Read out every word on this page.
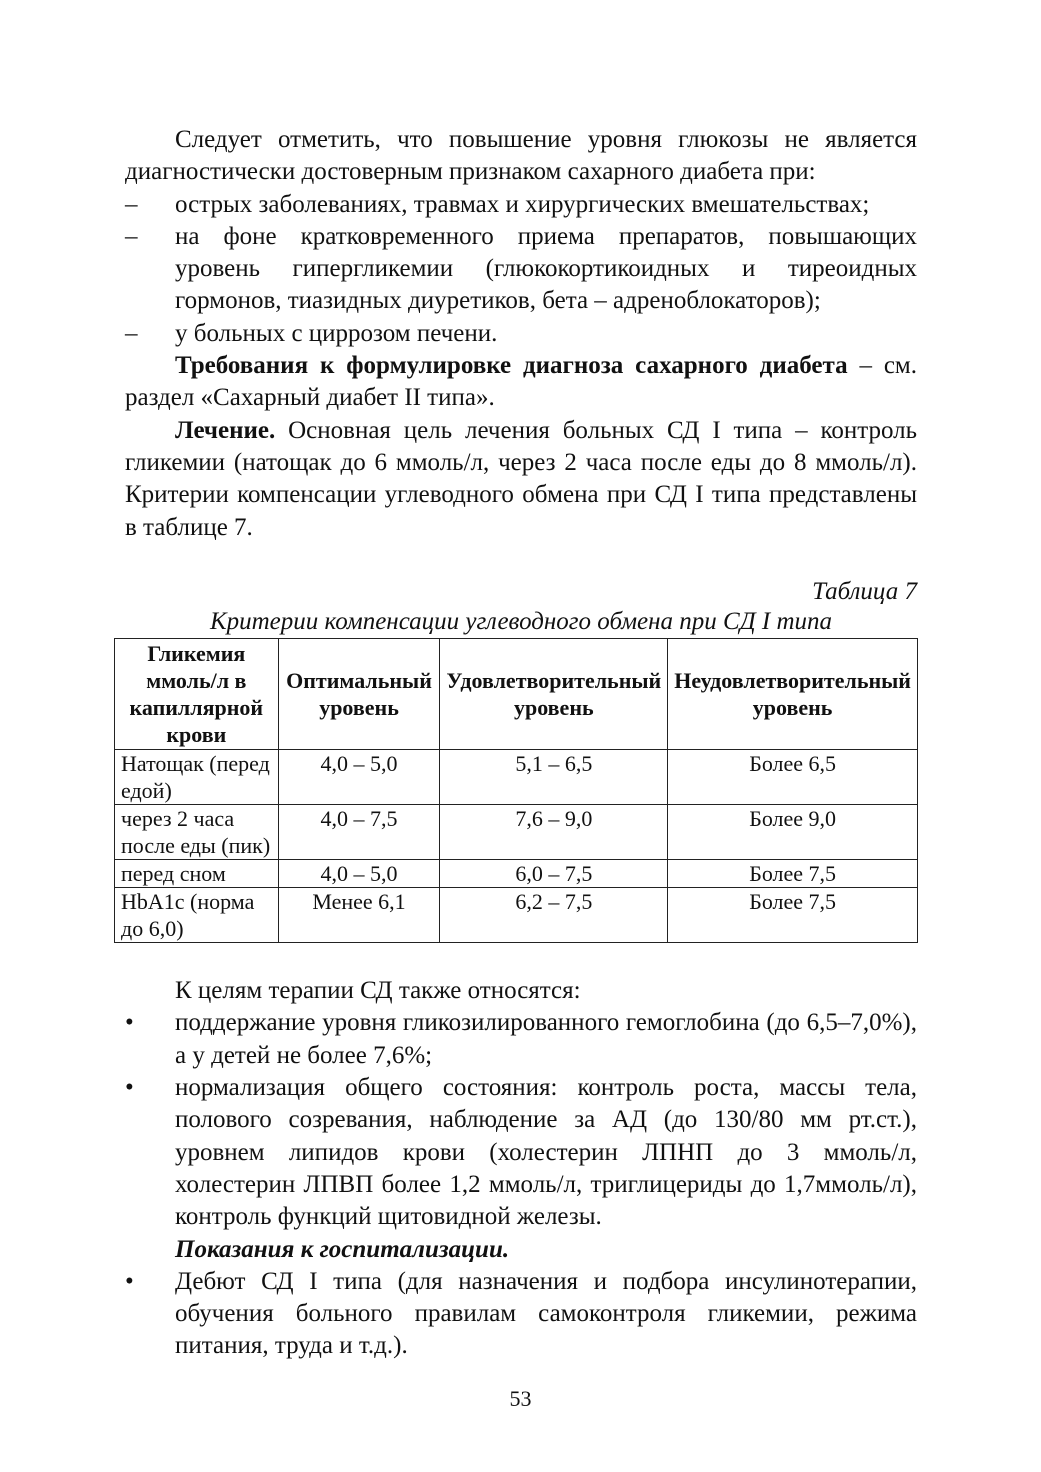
Следует отметить, что повышение уровня глюкозы не является диагностически достоверным признаком сахарного диабета при:

–	острых заболеваниях, травмах и хирургических вмешательствах;
–	на фоне кратковременного приема препаратов, повышающих уровень гипергликемии (глюкокортикоидных и тиреоидных гормонов, тиазидных диуретиков, бета – адреноблокаторов);
–	у больных с циррозом печени.

Требования к формулировке диагноза сахарного диабета – см. раздел «Сахарный диабет II типа».

Лечение. Основная цель лечения больных СД I типа – контроль гликемии (натощак до 6 ммоль/л, через 2 часа после еды до 8 ммоль/л). Критерии компенсации углеводного обмена при СД I типа представлены в таблице 7.

Таблица 7
Критерии компенсации углеводного обмена при СД I типа
Гликемия ммоль/л в капиллярной крови	Оптимальный уровень	Удовлетворительный уровень	Неудовлетворительный уровень
Натощак (перед едой)	4,0 – 5,0	5,1 – 6,5	Более 6,5
через 2 часа после еды (пик)	4,0 – 7,5	7,6 – 9,0	Более 9,0
перед сном	4,0 – 5,0	6,0 – 7,5	Более 7,5
HbA1c (норма до 6,0)	Менее 6,1	6,2 – 7,5	Более 7,5

К целям терапии СД также относятся:

•	поддержание уровня гликозилированного гемоглобина (до 6,5–7,0%), а у детей не более 7,6%;
•	нормализация общего состояния: контроль роста, массы тела, полового созревания, наблюдение за АД (до 130/80 мм рт.ст.), уровнем липидов крови (холестерин ЛПНП до 3 ммоль/л, холестерин ЛПВП более 1,2 ммоль/л, триглицериды до 1,7ммоль/л), контроль функций щитовидной железы.

Показания к госпитализации.

•	Дебют СД I типа (для назначения и подбора инсулинотерапии, обучения больного правилам самоконтроля гликемии, режима питания, труда и т.д.).
53
